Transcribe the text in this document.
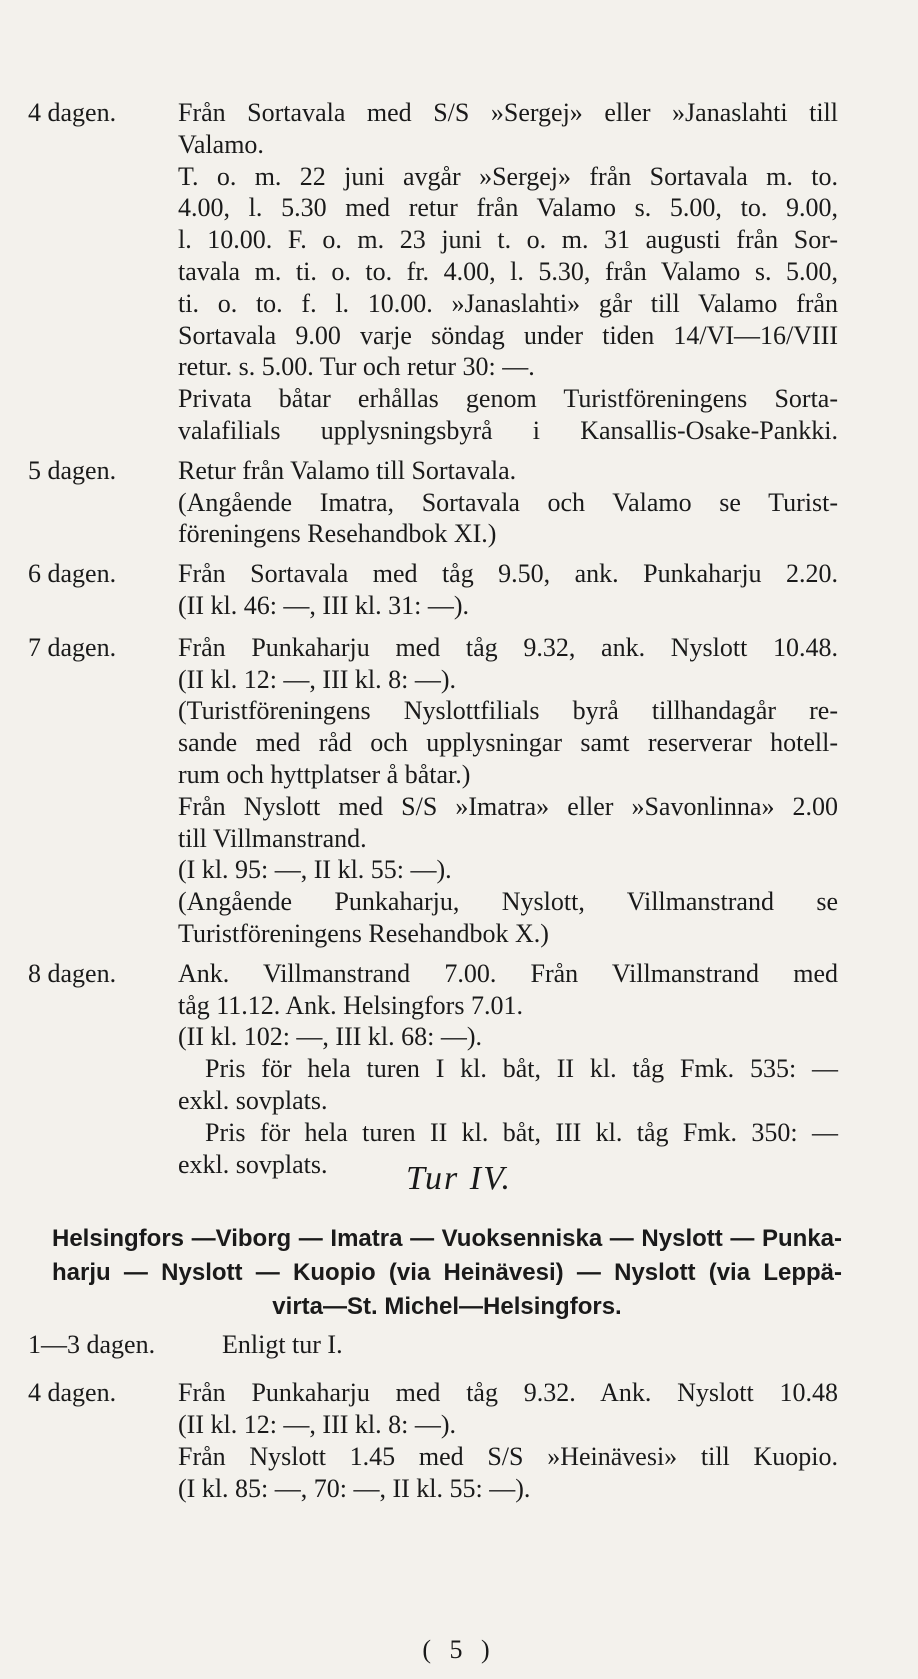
4 dagen. Från Sortavala med S/S »Sergej» eller »Janaslahti till
Valamo.
T. o. m. 22 juni avgår »Sergej» från Sortavala m. to.
4.00, l. 5.30 med retur från Valamo s. 5.00, to. 9.00,
l. 10.00. F. o. m. 23 juni t. o. m. 31 augusti från Sor-
tavala m. ti. o. to. fr. 4.00, l. 5.30, från Valamo s. 5.00,
ti. o. to. f. l. 10.00. »Janaslahti» går till Valamo från
Sortavala 9.00 varje söndag under tiden 14/VI—16/VIII
retur. s. 5.00. Tur och retur 30: —.
Privata båtar erhållas genom Turistföreningens Sorta-
valafilials upplysningsbyrå i Kansallis-Osake-Pankki.
5 dagen. Retur från Valamo till Sortavala.
(Angående Imatra, Sortavala och Valamo se Turist-
föreningens Resehandbok XI.)
6 dagen. Från Sortavala med tåg 9.50, ank. Punkaharju 2.20.
(II kl. 46: —, III kl. 31: —).
7 dagen. Från Punkaharju med tåg 9.32, ank. Nyslott 10.48.
(II kl. 12: —, III kl. 8: —).
(Turistföreningens Nyslottfilials byrå tillhandagår re-
sande med råd och upplysningar samt reserverar hotell-
rum och hyttplatser å båtar.)
Från Nyslott med S/S »Imatra» eller »Savonlinna» 2.00
till Villmanstrand.
(I kl. 95: —, II kl. 55: —).
(Angående Punkaharju, Nyslott, Villmanstrand se
Turistföreningens Resehandbok X.)
8 dagen. Ank. Villmanstrand 7.00. Från Villmanstrand med
tåg 11.12. Ank. Helsingfors 7.01.
(II kl. 102: —, III kl. 68: —).
Pris för hela turen I kl. båt, II kl. tåg Fmk. 535: —
exkl. sovplats.
Pris för hela turen II kl. båt, III kl. tåg Fmk. 350: —
exkl. sovplats.	Tur IV.
Helsingfors —Viborg — Imatra — Vuoksenniska — Nyslott — Punka-
harju — Nyslott — Kuopio (via Heinävesi) — Nyslott (via Leppä-
virta—St. Michel—Helsingfors.
1—3 dagen.	Enligt tur I.
4 dagen. Från Punkaharju med tåg 9.32. Ank. Nyslott 10.48
(II kl. 12: —, III kl. 8: —).
Från Nyslott 1.45 med S/S »Heinävesi» till Kuopio.
(I kl. 85: —, 70: —, II kl. 55: —).
( 5 )
